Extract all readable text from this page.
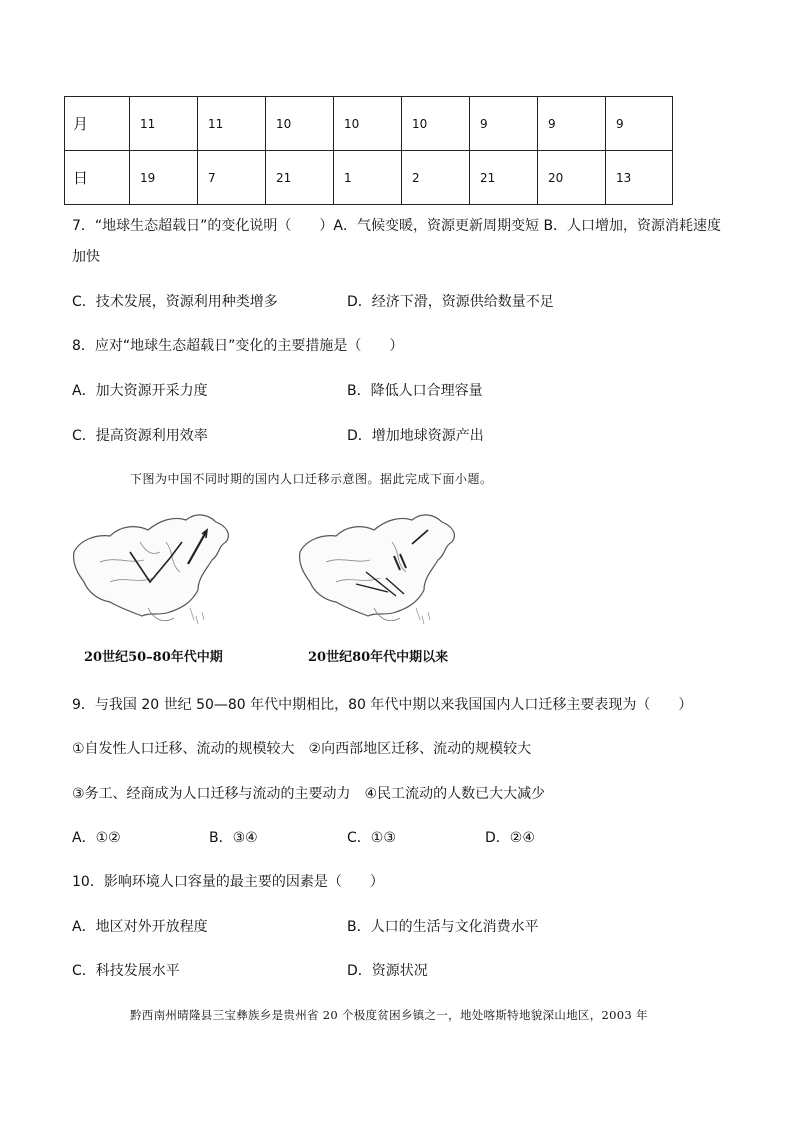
月	11	11	10	10	10	9	9	9
日	19	7	21	1	2	21	20	13
7．“地球生态超载日”的变化说明（　　）A．气候变暖，资源更新周期变短 B．人口增加，资源消耗速度
加快
C．技术发展，资源利用种类增多	D．经济下滑，资源供给数量不足
8．应对“地球生态超载日”变化的主要措施是（　　）
A．加大资源开采力度	B．降低人口合理容量
C．提高资源利用效率	D．增加地球资源产出
下图为中国不同时期的国内人口迁移示意图。据此完成下面小题。
20世纪50–80年代中期	20世纪80年代中期以来
9．与我国 20 世纪 50—80 年代中期相比，80 年代中期以来我国国内人口迁移主要表现为（　　）
①自发性人口迁移、流动的规模较大　②向西部地区迁移、流动的规模较大
③务工、经商成为人口迁移与流动的主要动力　④民工流动的人数已大大减少
A．①②	B．③④	C．①③	D．②④
10．影响环境人口容量的最主要的因素是（　　）
A．地区对外开放程度	B．人口的生活与文化消费水平
C．科技发展水平	D．资源状况
黔西南州晴隆县三宝彝族乡是贵州省 20 个极度贫困乡镇之一，地处喀斯特地貌深山地区，2003 年
